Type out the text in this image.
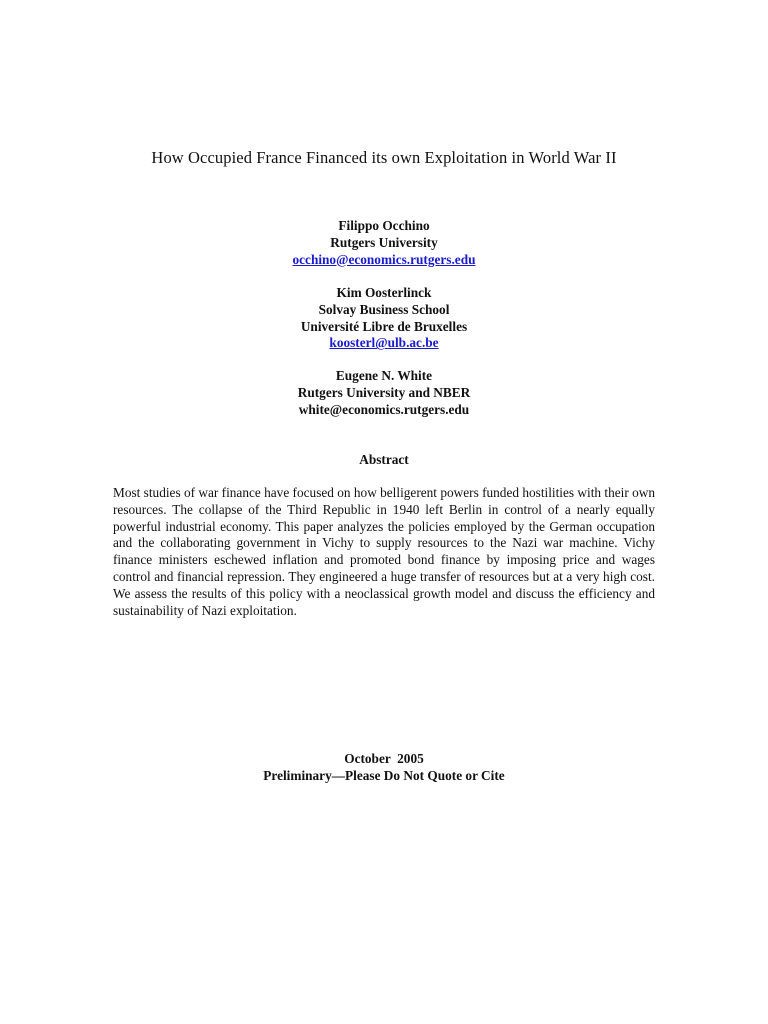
How Occupied France Financed its own Exploitation in World War II
Filippo Occhino
Rutgers University
occhino@economics.rutgers.edu
Kim Oosterlinck
Solvay Business School
Université Libre de Bruxelles
koosterl@ulb.ac.be
Eugene N. White
Rutgers University and NBER
white@economics.rutgers.edu
Abstract
Most studies of war finance have focused on how belligerent powers funded hostilities with their own resources. The collapse of the Third Republic in 1940 left Berlin in control of a nearly equally powerful industrial economy. This paper analyzes the policies employed by the German occupation and the collaborating government in Vichy to supply resources to the Nazi war machine. Vichy finance ministers eschewed inflation and promoted bond finance by imposing price and wages control and financial repression. They engineered a huge transfer of resources but at a very high cost. We assess the results of this policy with a neoclassical growth model and discuss the efficiency and sustainability of Nazi exploitation.
October  2005
Preliminary—Please Do Not Quote or Cite
